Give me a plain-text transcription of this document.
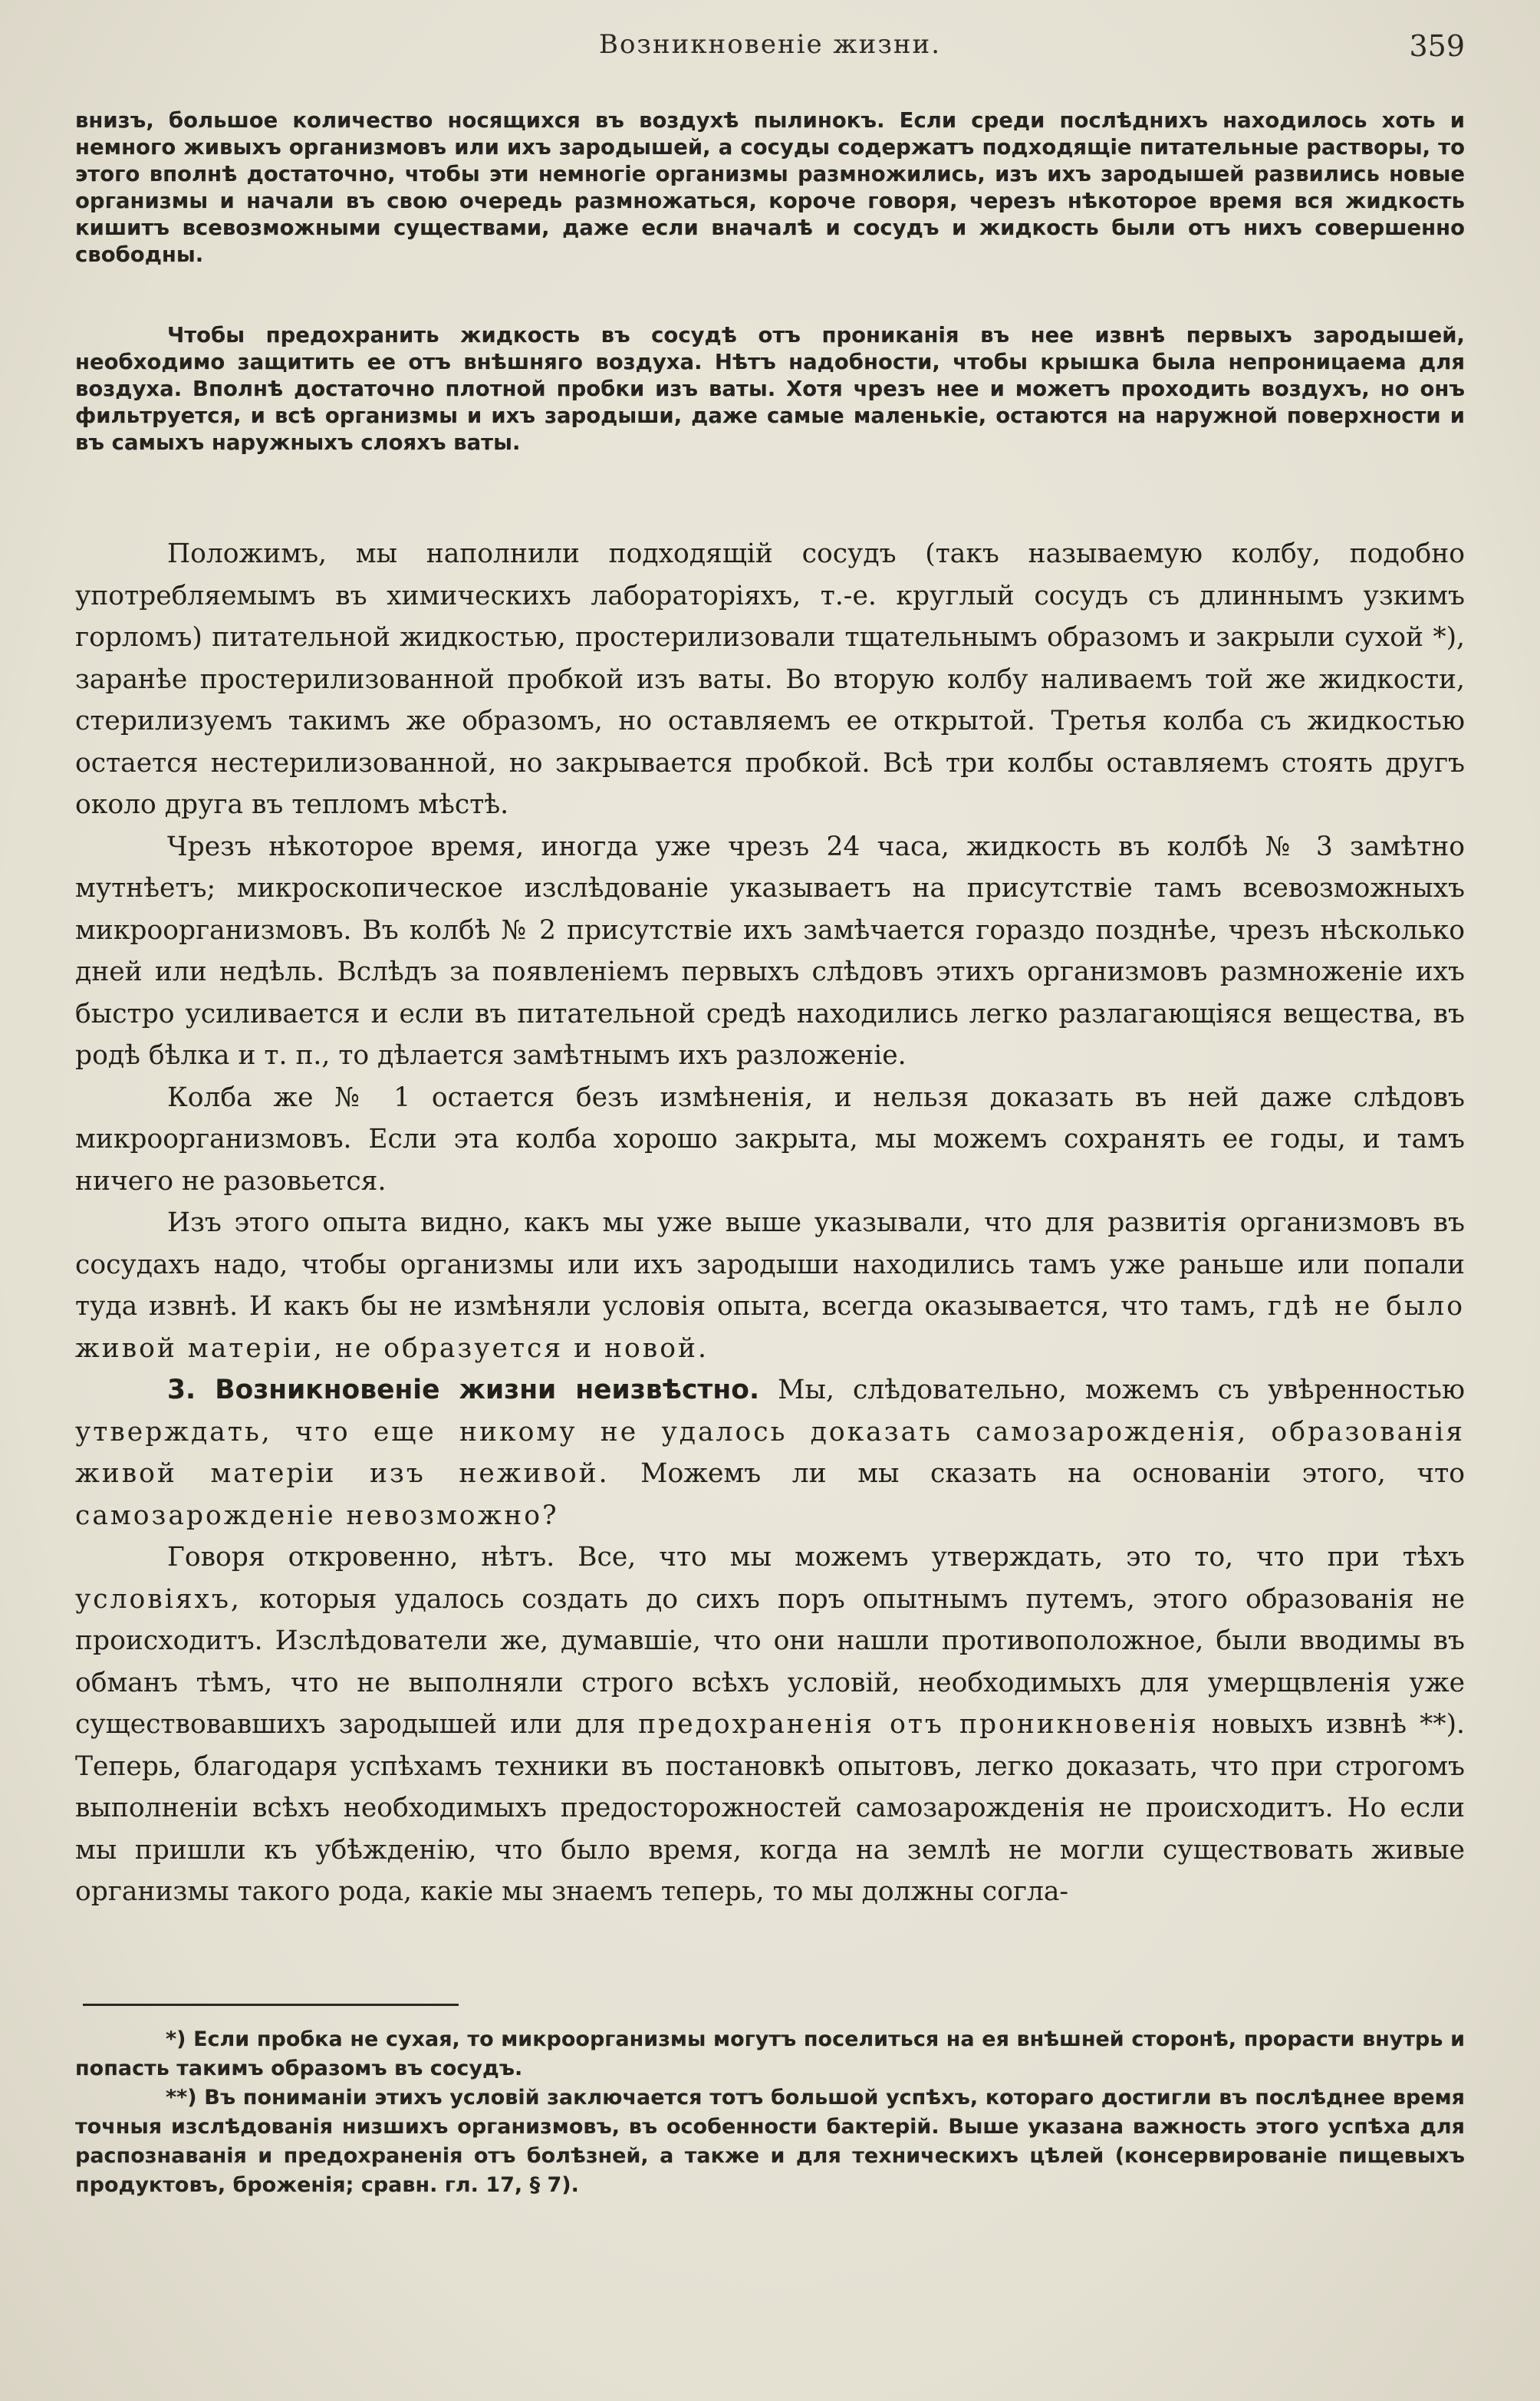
Возникновеніе жизни.	359

внизъ, большое количество носящихся въ воздухѣ пылинокъ. Если среди послѣднихъ находилось хоть и немного живыхъ организмовъ или ихъ зародышей, а сосуды содержатъ подходящіе питательные растворы, то этого вполнѣ достаточно, чтобы эти немногіе организмы размножились, изъ ихъ зародышей развились новые организмы и начали въ свою очередь размножаться, короче говоря, черезъ нѣкоторое время вся жидкость кишитъ всевозможными существами, даже если вначалѣ и сосудъ и жидкость были отъ нихъ совершенно свободны.

Чтобы предохранить жидкость въ сосудѣ отъ прониканія въ нее извнѣ первыхъ зародышей, необходимо защитить ее отъ внѣшняго воздуха. Нѣтъ надобности, чтобы крышка была непроницаема для воздуха. Вполнѣ достаточно плотной пробки изъ ваты. Хотя чрезъ нее и можетъ проходить воздухъ, но онъ фильтруется, и всѣ организмы и ихъ зародыши, даже самые маленькіе, остаются на наружной поверхности и въ самыхъ наружныхъ слояхъ ваты.

Положимъ, мы наполнили подходящій сосудъ (такъ называемую колбу, подобно употребляемымъ въ химическихъ лабораторіяхъ, т.-е. круглый сосудъ съ длиннымъ узкимъ горломъ) питательной жидкостью, простерилизовали тщательнымъ образомъ и закрыли сухой *), заранѣе простерилизованной пробкой изъ ваты. Во вторую колбу наливаемъ той же жидкости, стерилизуемъ такимъ же образомъ, но оставляемъ ее открытой. Третья колба съ жидкостью остается нестерилизованной, но закрывается пробкой. Всѣ три колбы оставляемъ стоять другъ около друга въ тепломъ мѣстѣ.

Чрезъ нѣкоторое время, иногда уже чрезъ 24 часа, жидкость въ колбѣ № 3 замѣтно мутнѣетъ; микроскопическое изслѣдованіе указываетъ на присутствіе тамъ всевозможныхъ микроорганизмовъ. Въ колбѣ № 2 присутствіе ихъ замѣчается гораздо позднѣе, чрезъ нѣсколько дней или недѣль. Вслѣдъ за появленіемъ первыхъ слѣдовъ этихъ организмовъ размноженіе ихъ быстро усиливается и если въ питательной средѣ находились легко разлагающіяся вещества, въ родѣ бѣлка и т. п., то дѣлается замѣтнымъ ихъ разложеніе.

Колба же № 1 остается безъ измѣненія, и нельзя доказать въ ней даже слѣдовъ микроорганизмовъ. Если эта колба хорошо закрыта, мы можемъ сохранять ее годы, и тамъ ничего не разовьется.

Изъ этого опыта видно, какъ мы уже выше указывали, что для развитія организмовъ въ сосудахъ надо, чтобы организмы или ихъ зародыши находились тамъ уже раньше или попали туда извнѣ. И какъ бы не измѣняли условія опыта, всегда оказывается, что тамъ, гдѣ не было живой матеріи, не образуется и новой.

3. Возникновеніе жизни неизвѣстно. Мы, слѣдовательно, можемъ съ увѣренностью утверждать, что еще никому не удалось доказать самозарожденія, образованія живой матеріи изъ неживой. Можемъ ли мы сказать на основаніи этого, что самозарожденіе невозможно?

Говоря откровенно, нѣтъ. Все, что мы можемъ утверждать, это то, что при тѣхъ условіяхъ, которыя удалось создать до сихъ поръ опытнымъ путемъ, этого образованія не происходитъ. Изслѣдователи же, думавшіе, что они нашли противоположное, были вводимы въ обманъ тѣмъ, что не выполняли строго всѣхъ условій, необходимыхъ для умерщвленія уже существовавшихъ зародышей или для предохраненія отъ проникновенія новыхъ извнѣ **). Теперь, благодаря успѣхамъ техники въ постановкѣ опытовъ, легко доказать, что при строгомъ выполненіи всѣхъ необходимыхъ предосторожностей самозарожденія не происходитъ. Но если мы пришли къ убѣжденію, что было время, когда на землѣ не могли существовать живые организмы такого рода, какіе мы знаемъ теперь, то мы должны согла-

*) Если пробка не сухая, то микроорганизмы могутъ поселиться на ея внѣшней сторонѣ, прорасти внутрь и попасть такимъ образомъ въ сосудъ.

**) Въ пониманіи этихъ условій заключается тотъ большой успѣхъ, котораго достигли въ послѣднее время точныя изслѣдованія низшихъ организмовъ, въ особенности бактерій. Выше указана важность этого успѣха для распознаванія и предохраненія отъ болѣзней, а также и для техническихъ цѣлей (консервированіе пищевыхъ продуктовъ, броженія; сравн. гл. 17, § 7).
